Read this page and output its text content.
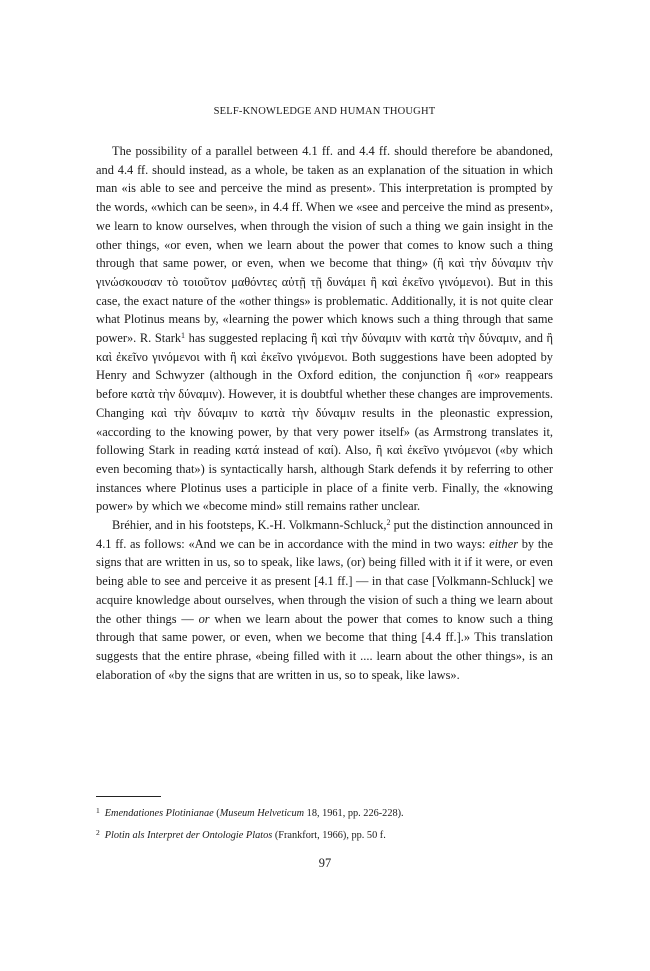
SELF-KNOWLEDGE AND HUMAN THOUGHT

The possibility of a parallel between 4.1 ff. and 4.4 ff. should therefore be abandoned, and 4.4 ff. should instead, as a whole, be taken as an explanation of the situation in which man «is able to see and perceive the mind as present». This interpretation is prompted by the words, «which can be seen», in 4.4 ff. When we «see and perceive the mind as present», we learn to know ourselves, when through the vision of such a thing we gain insight in the other things, «or even, when we learn about the power that comes to know such a thing through that same power, or even, when we become that thing» (ἢ καὶ τὴν δύναμιν τὴν γινώσκουσαν τὸ τοιοῦτον μαθόντες αὐτῇ τῇ δυνάμει ἢ καὶ ἐκεῖνο γινόμενοι). But in this case, the exact nature of the «other things» is problematic. Additionally, it is not quite clear what Plotinus means by, «learning the power which knows such a thing through that same power». R. Stark$^1$ has suggested replacing ἢ καὶ τὴν δύναμιν with κατὰ τὴν δύναμιν, and ἢ καὶ ἐκεῖνο γινόμενοι with ἢ καὶ ἐκεῖνο γινόμενοι. Both suggestions have been adopted by Henry and Schwyzer (although in the Oxford edition, the conjunction ἢ «or» reappears before κατὰ τὴν δύναμιν). However, it is doubtful whether these changes are improvements. Changing καὶ τὴν δύναμιν to κατὰ τὴν δύναμιν results in the pleonastic expression, «according to the knowing power, by that very power itself» (as Armstrong translates it, following Stark in reading κατά instead of καί). Also, ἢ καὶ ἐκεῖνο γινόμενοι («by which even becoming that») is syntactically harsh, although Stark defends it by referring to other instances where Plotinus uses a participle in place of a finite verb. Finally, the «knowing power» by which we «become mind» still remains rather unclear.

Bréhier, and in his footsteps, K.-H. Volkmann-Schluck,$^2$ put the distinction announced in 4.1 ff. as follows: «And we can be in accordance with the mind in two ways: either by the signs that are written in us, so to speak, like laws, (or) being filled with it if it were, or even being able to see and perceive it as present [4.1 ff.] — in that case [Volkmann-Schluck] we acquire knowledge about ourselves, when through the vision of such a thing we learn about the other things — or when we learn about the power that comes to know such a thing through that same power, or even, when we become that thing [4.4 ff.].» This translation suggests that the entire phrase, «being filled with it .... learn about the other things», is an elaboration of «by the signs that are written in us, so to speak, like laws».

$^1$ Emendationes Plotinianae (Museum Helveticum 18, 1961, pp. 226-228).

$^2$ Plotin als Interpret der Ontologie Platos (Frankfort, 1966), pp. 50 f.

97
